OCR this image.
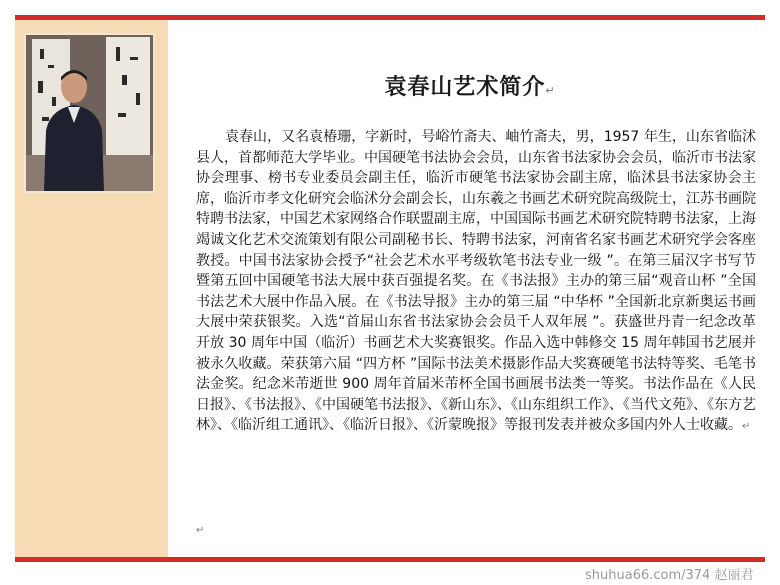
袁春山艺术简介↵
袁春山，又名袁椿珊，字新时，号峪竹斋夫、岫竹斋夫，男，1957 年生，山东省临沭县人，首都师范大学毕业。中国硬笔书法协会会员，山东省书法家协会会员，临沂市书法家协会理事、榜书专业委员会副主任，临沂市硬笔书法家协会副主席，临沭县书法家协会主席，临沂市孝文化研究会临沭分会副会长，山东羲之书画艺术研究院高级院士，江苏书画院特聘书法家，中国艺术家网络合作联盟副主席，中国国际书画艺术研究院特聘书法家，上海竭诚文化艺术交流策划有限公司副秘书长、特聘书法家，河南省名家书画艺术研究学会客座教授。中国书法家协会授予“社会艺术水平考级软笔书法专业一级 ”。在第三届汉字书写节暨第五回中国硬笔书法大展中获百强提名奖。在《书法报》主办的第三届“观音山杯 ”全国书法艺术大展中作品入展。在《书法导报》主办的第三届 “中华杯 ”全国新北京新奥运书画大展中荣获银奖。入选“首届山东省书法家协会会员千人双年展 ”。获盛世丹青一纪念改革开放 30 周年中国（临沂）书画艺术大奖赛银奖。作品入选中韩修交 15 周年韩国书艺展并被永久收藏。荣获第六届 “四方杯 ”国际书法美术摄影作品大奖赛硬笔书法特等奖、毛笔书法金奖。纪念米芾逝世 900 周年首届米芾杯全国书画展书法类一等奖。书法作品在《人民日报》、《书法报》、《中国硬笔书法报》、《新山东》、《山东组织工作》、《当代文苑》、《东方艺林》、《临沂组工通讯》、《临沂日报》、《沂蒙晚报》等报刊发表并被众多国内外人士收藏。↵
↵
shuhua66.com/374 赵丽君
